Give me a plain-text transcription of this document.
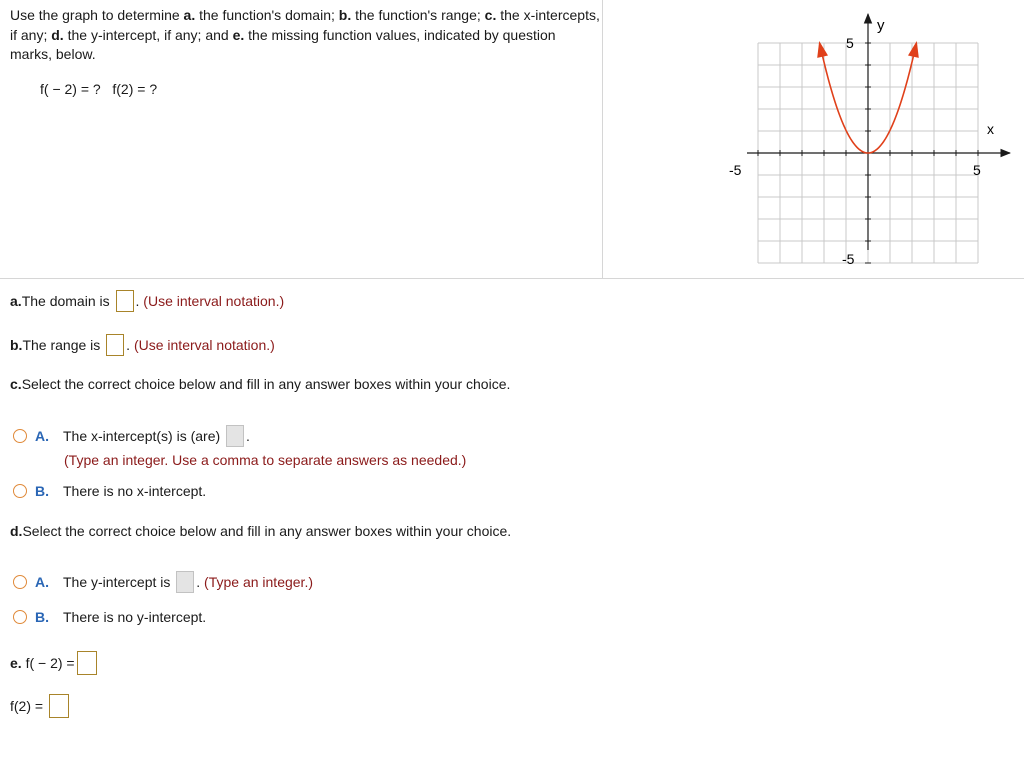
Use the graph to determine a. the function's domain; b. the function's range; c. the x-intercepts, if any; d. the y-intercept, if any; and e. the missing function values, indicated by question marks, below.
f( − 2) = ?   f(2) = ?
y
x
5
-5
5
-5
a. The domain is
.
(Use interval notation.)
b. The range is
.
(Use interval notation.)
c. Select the correct choice below and fill in any answer boxes within your choice.
A. The x-intercept(s) is (are)
.
(Type an integer. Use a comma to separate answers as needed.)
B. There is no x-intercept.
d. Select the correct choice below and fill in any answer boxes within your choice.
A. The y-intercept is
.
(Type an integer.)
B. There is no y-intercept.
e. f( − 2) =
f(2) =
